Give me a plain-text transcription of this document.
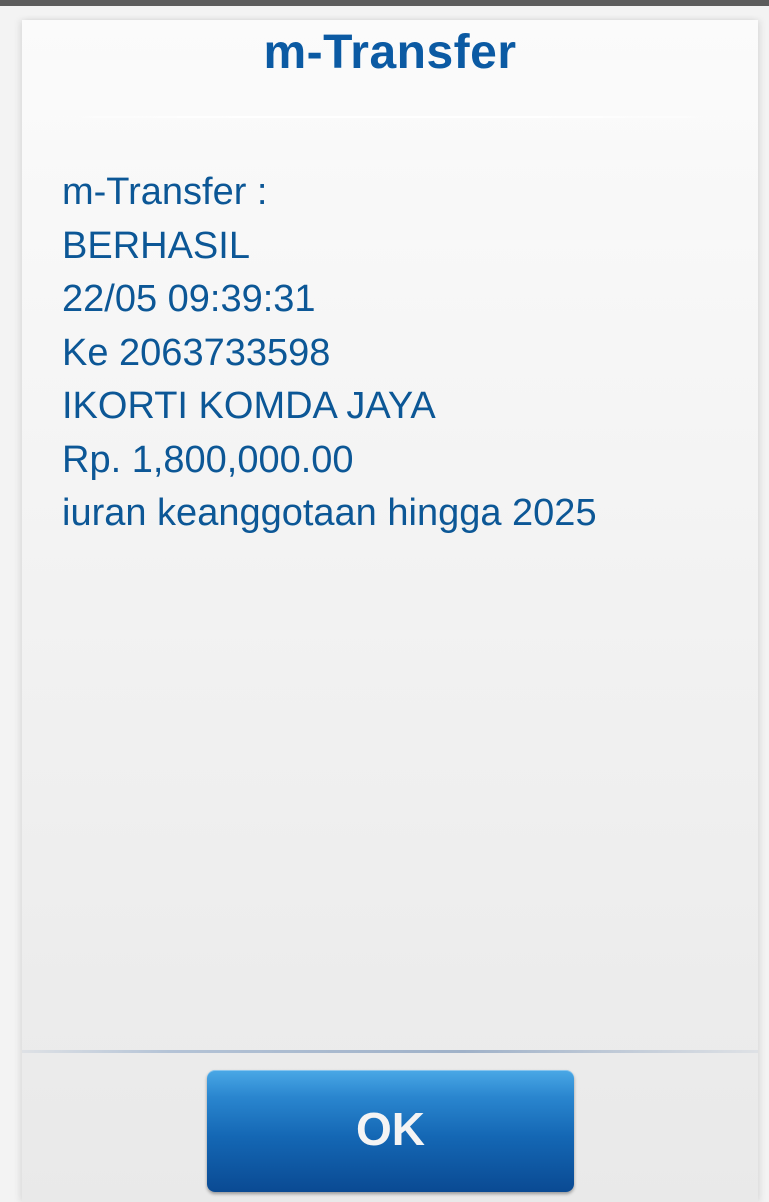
m-Transfer
m-Transfer :
BERHASIL
22/05 09:39:31
Ke 2063733598
IKORTI KOMDA JAYA
Rp. 1,800,000.00
iuran keanggotaan hingga 2025
OK
